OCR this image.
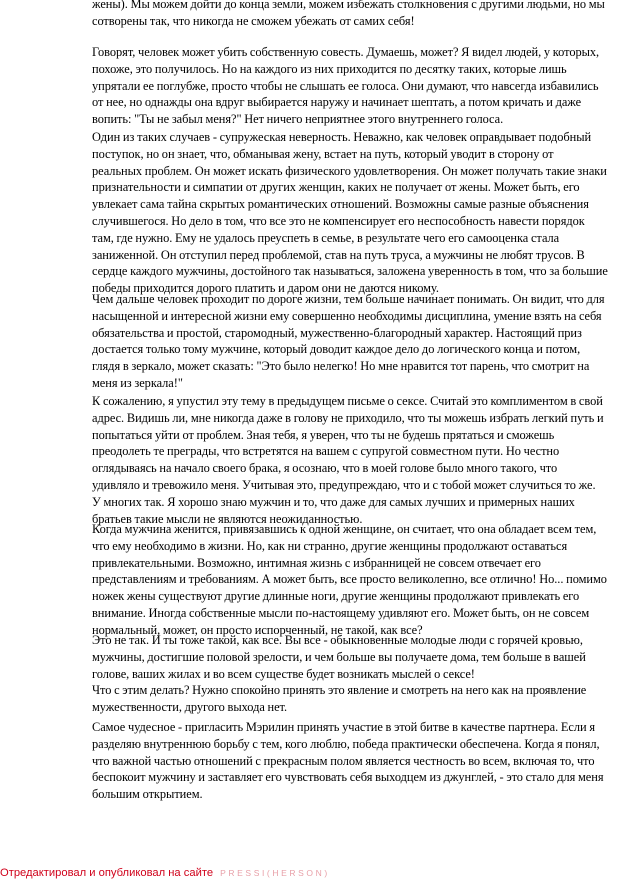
жены). Мы можем дойти до конца земли, можем избежать столкновения с другими людьми, но мы
сотворены так, что никогда не сможем убежать от самих себя!
Говорят, человек может убить собственную совесть. Думаешь, может? Я видел людей, у которых,
похоже, это получилось. Но на каждого из них приходится по десятку таких, которые лишь
упрятали ее поглубже, просто чтобы не слышать ее голоса. Они думают, что навсегда избавились
от нее, но однажды она вдруг выбирается наружу и начинает шептать, а потом кричать и даже
вопить: "Ты не забыл меня?" Нет ничего неприятнее этого внутреннего голоса.
Один из таких случаев - супружеская неверность. Неважно, как человек оправдывает подобный
поступок, но он знает, что, обманывая жену, встает на путь, который уводит в сторону от
реальных проблем. Он может искать физического удовлетворения. Он может получать такие знаки
признательности и симпатии от других женщин, каких не получает от жены. Может быть, его
увлекает сама тайна скрытых романтических отношений. Возможны самые разные объяснения
случившегося. Но дело в том, что все это не компенсирует его неспособность навести порядок
там, где нужно. Ему не удалось преуспеть в семье, в результате чего его самооценка стала
заниженной. Он отступил перед проблемой, став на путь труса, а мужчины не любят трусов. В
сердце каждого мужчины, достойного так называться, заложена уверенность в том, что за большие
победы приходится дорого платить и даром они не даются никому.
Чем дальше человек проходит по дороге жизни, тем больше начинает понимать. Он видит, что для
насыщенной и интересной жизни ему совершенно необходимы дисциплина, умение взять на себя
обязательства и простой, старомодный, мужественно-благородный характер. Настоящий приз
достается только тому мужчине, который доводит каждое дело до логического конца и потом,
глядя в зеркало, может сказать: "Это было нелегко! Но мне нравится тот парень, что смотрит на
меня из зеркала!"
К сожалению, я упустил эту тему в предыдущем письме о сексе. Считай это комплиментом в свой
адрес. Видишь ли, мне никогда даже в голову не приходило, что ты можешь избрать легкий путь и
попытаться уйти от проблем. Зная тебя, я уверен, что ты не будешь прятаться и сможешь
преодолеть те преграды, что встретятся на вашем с супругой совместном пути. Но честно
оглядываясь на начало своего брака, я осознаю, что в моей голове было много такого, что
удивляло и тревожило меня. Учитывая это, предупреждаю, что и с тобой может случиться то же.
У многих так. Я хорошо знаю мужчин и то, что даже для самых лучших и примерных наших
братьев такие мысли не являются неожиданностью.
Когда мужчина женится, привязавшись к одной женщине, он считает, что она обладает всем тем,
что ему необходимо в жизни. Но, как ни странно, другие женщины продолжают оставаться
привлекательными. Возможно, интимная жизнь с избранницей не совсем отвечает его
представлениям и требованиям. А может быть, все просто великолепно, все отлично! Но... помимо
ножек жены существуют другие длинные ноги, другие женщины продолжают привлекать его
внимание. Иногда собственные мысли по-настоящему удивляют его. Может быть, он не совсем
нормальный, может, он просто испорченный, не такой, как все?
Это не так. И ты тоже такой, как все. Вы все - обыкновенные молодые люди с горячей кровью,
мужчины, достигшие половой зрелости, и чем больше вы получаете дома, тем больше в вашей
голове, ваших жилах и во всем существе будет возникать мыслей о сексе!
Что с этим делать? Нужно спокойно принять это явление и смотреть на него как на проявление
мужественности, другого выхода нет.
Самое чудесное - пригласить Мэрилин принять участие в этой битве в качестве партнера. Если я
разделяю внутреннюю борьбу с тем, кого люблю, победа практически обеспечена. Когда я понял,
что важной частью отношений с прекрасным полом является честность во всем, включая то, что
беспокоит мужчину и заставляет его чувствовать себя выходцем из джунглей, - это стало для меня
большим открытием.
Отредактировал и опубликовал на сайте PRESSI(HERSON)
